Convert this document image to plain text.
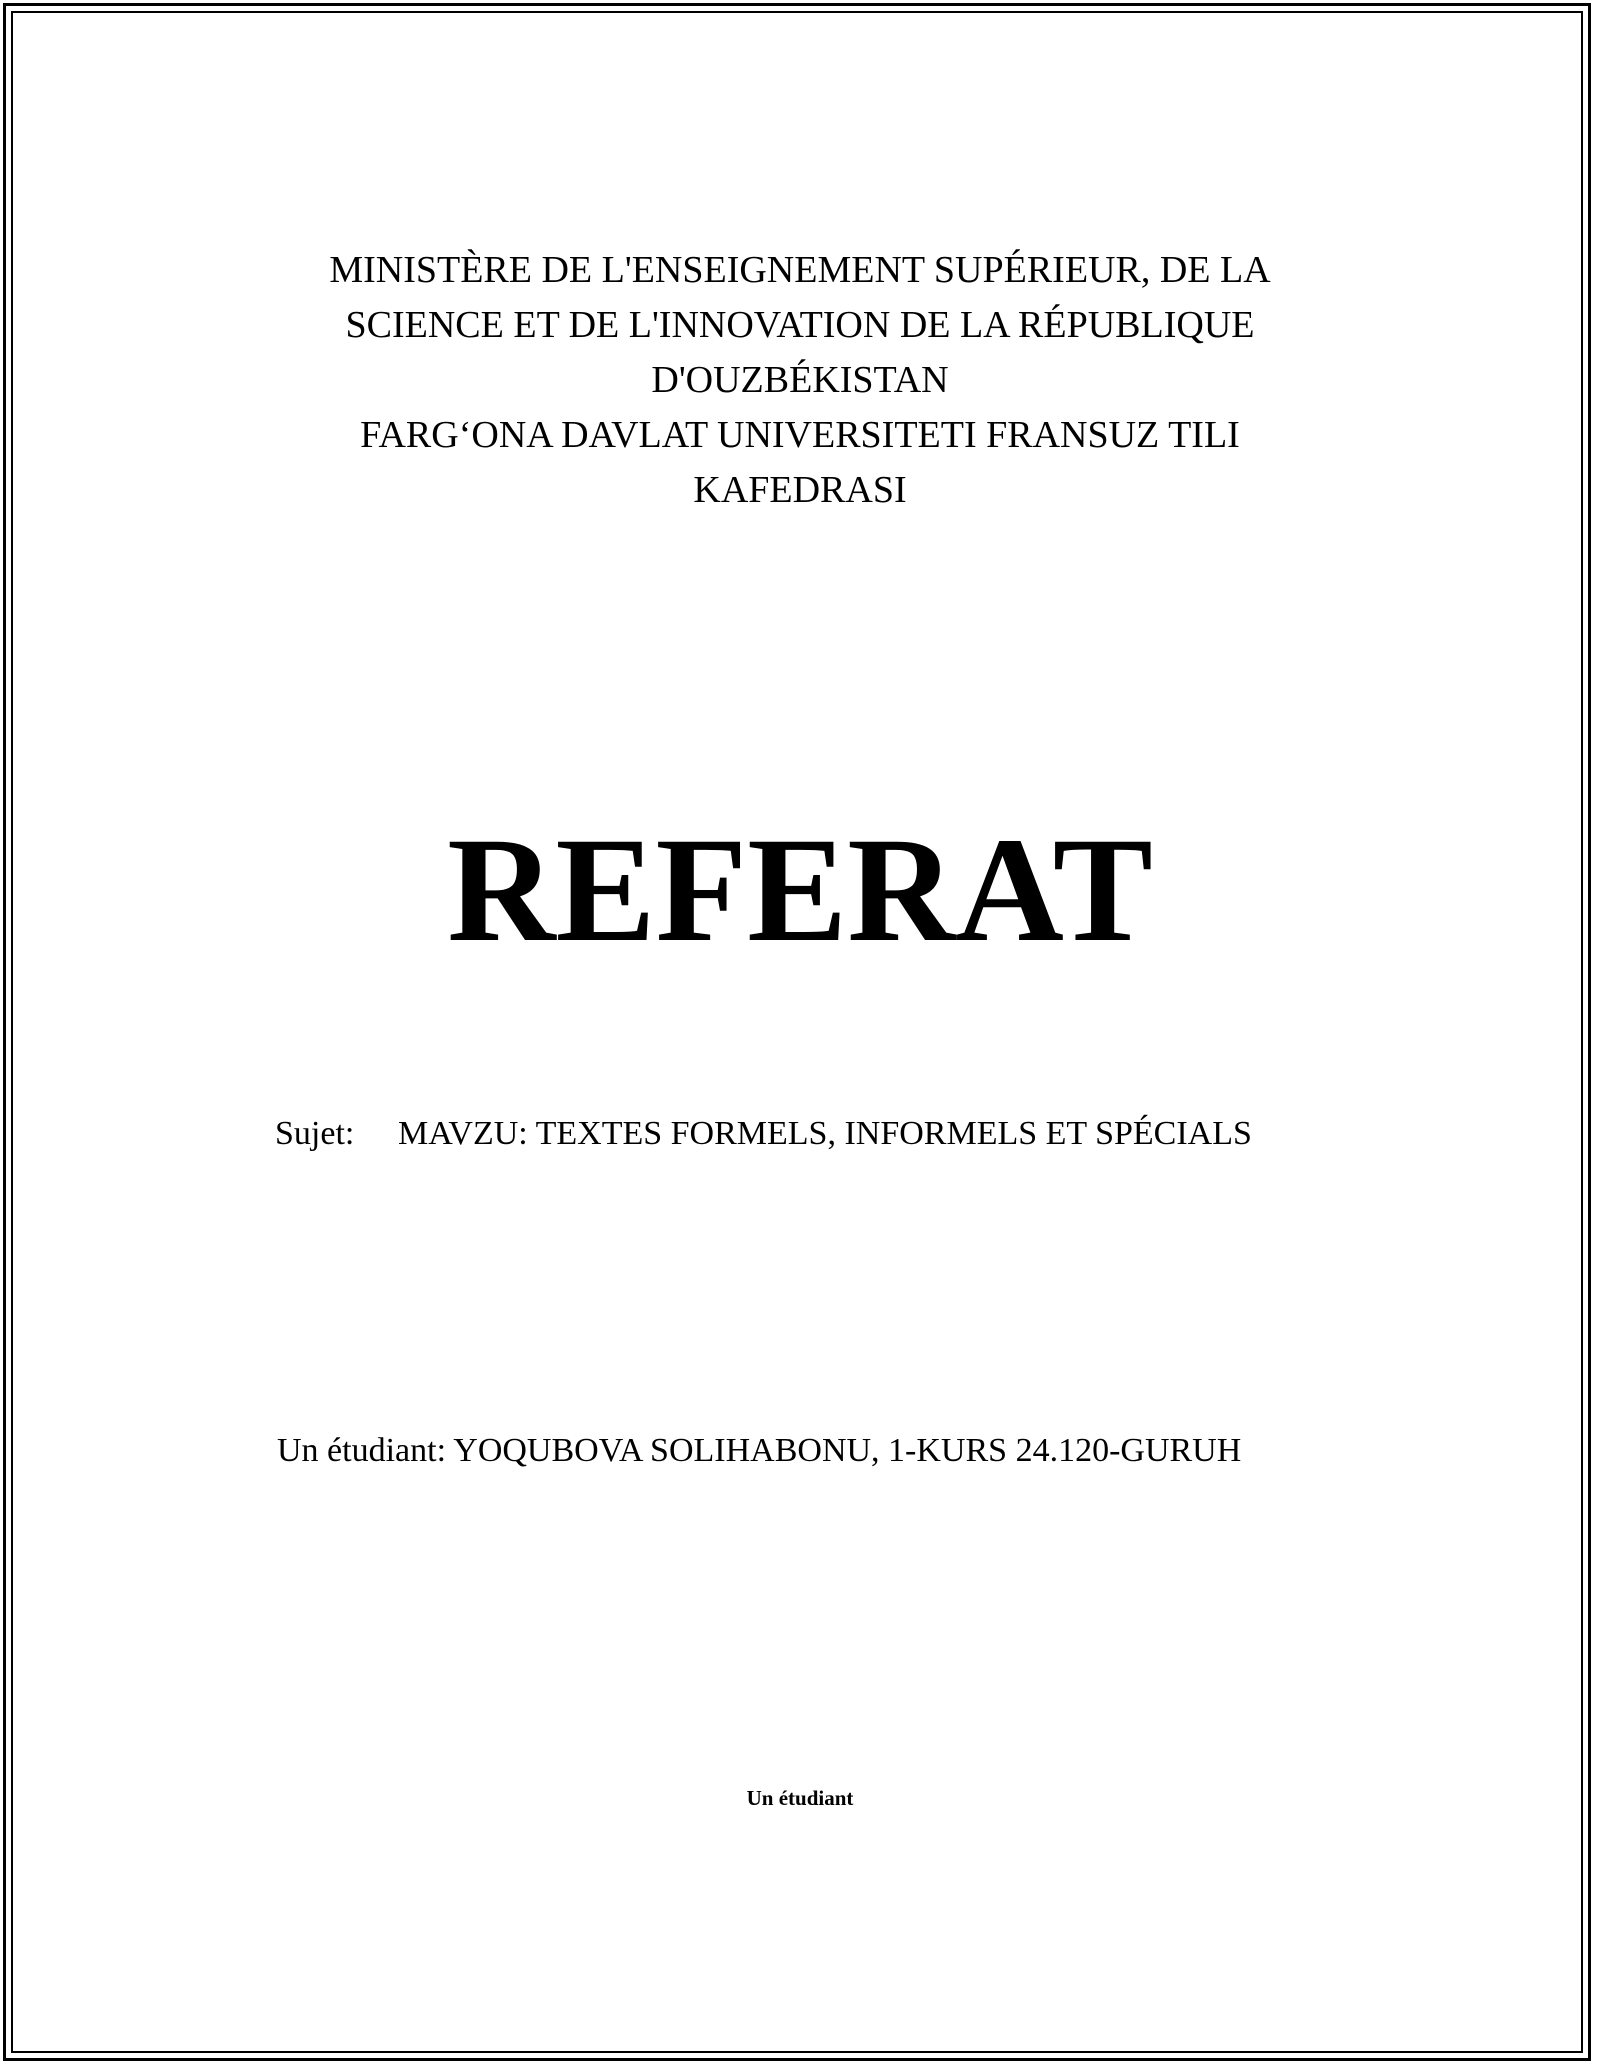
MINISTÈRE DE L'ENSEIGNEMENT SUPÉRIEUR, DE LA
SCIENCE ET DE L'INNOVATION DE LA RÉPUBLIQUE
D'OUZBÉKISTAN
FARG‘ONA DAVLAT UNIVERSITETI FRANSUZ TILI
KAFEDRASI
REFERAT
Sujet: MAVZU: TEXTES FORMELS, INFORMELS ET SPÉCIALS
Un étudiant: YOQUBOVA SOLIHABONU, 1-KURS 24.120-GURUH
Un étudiant
